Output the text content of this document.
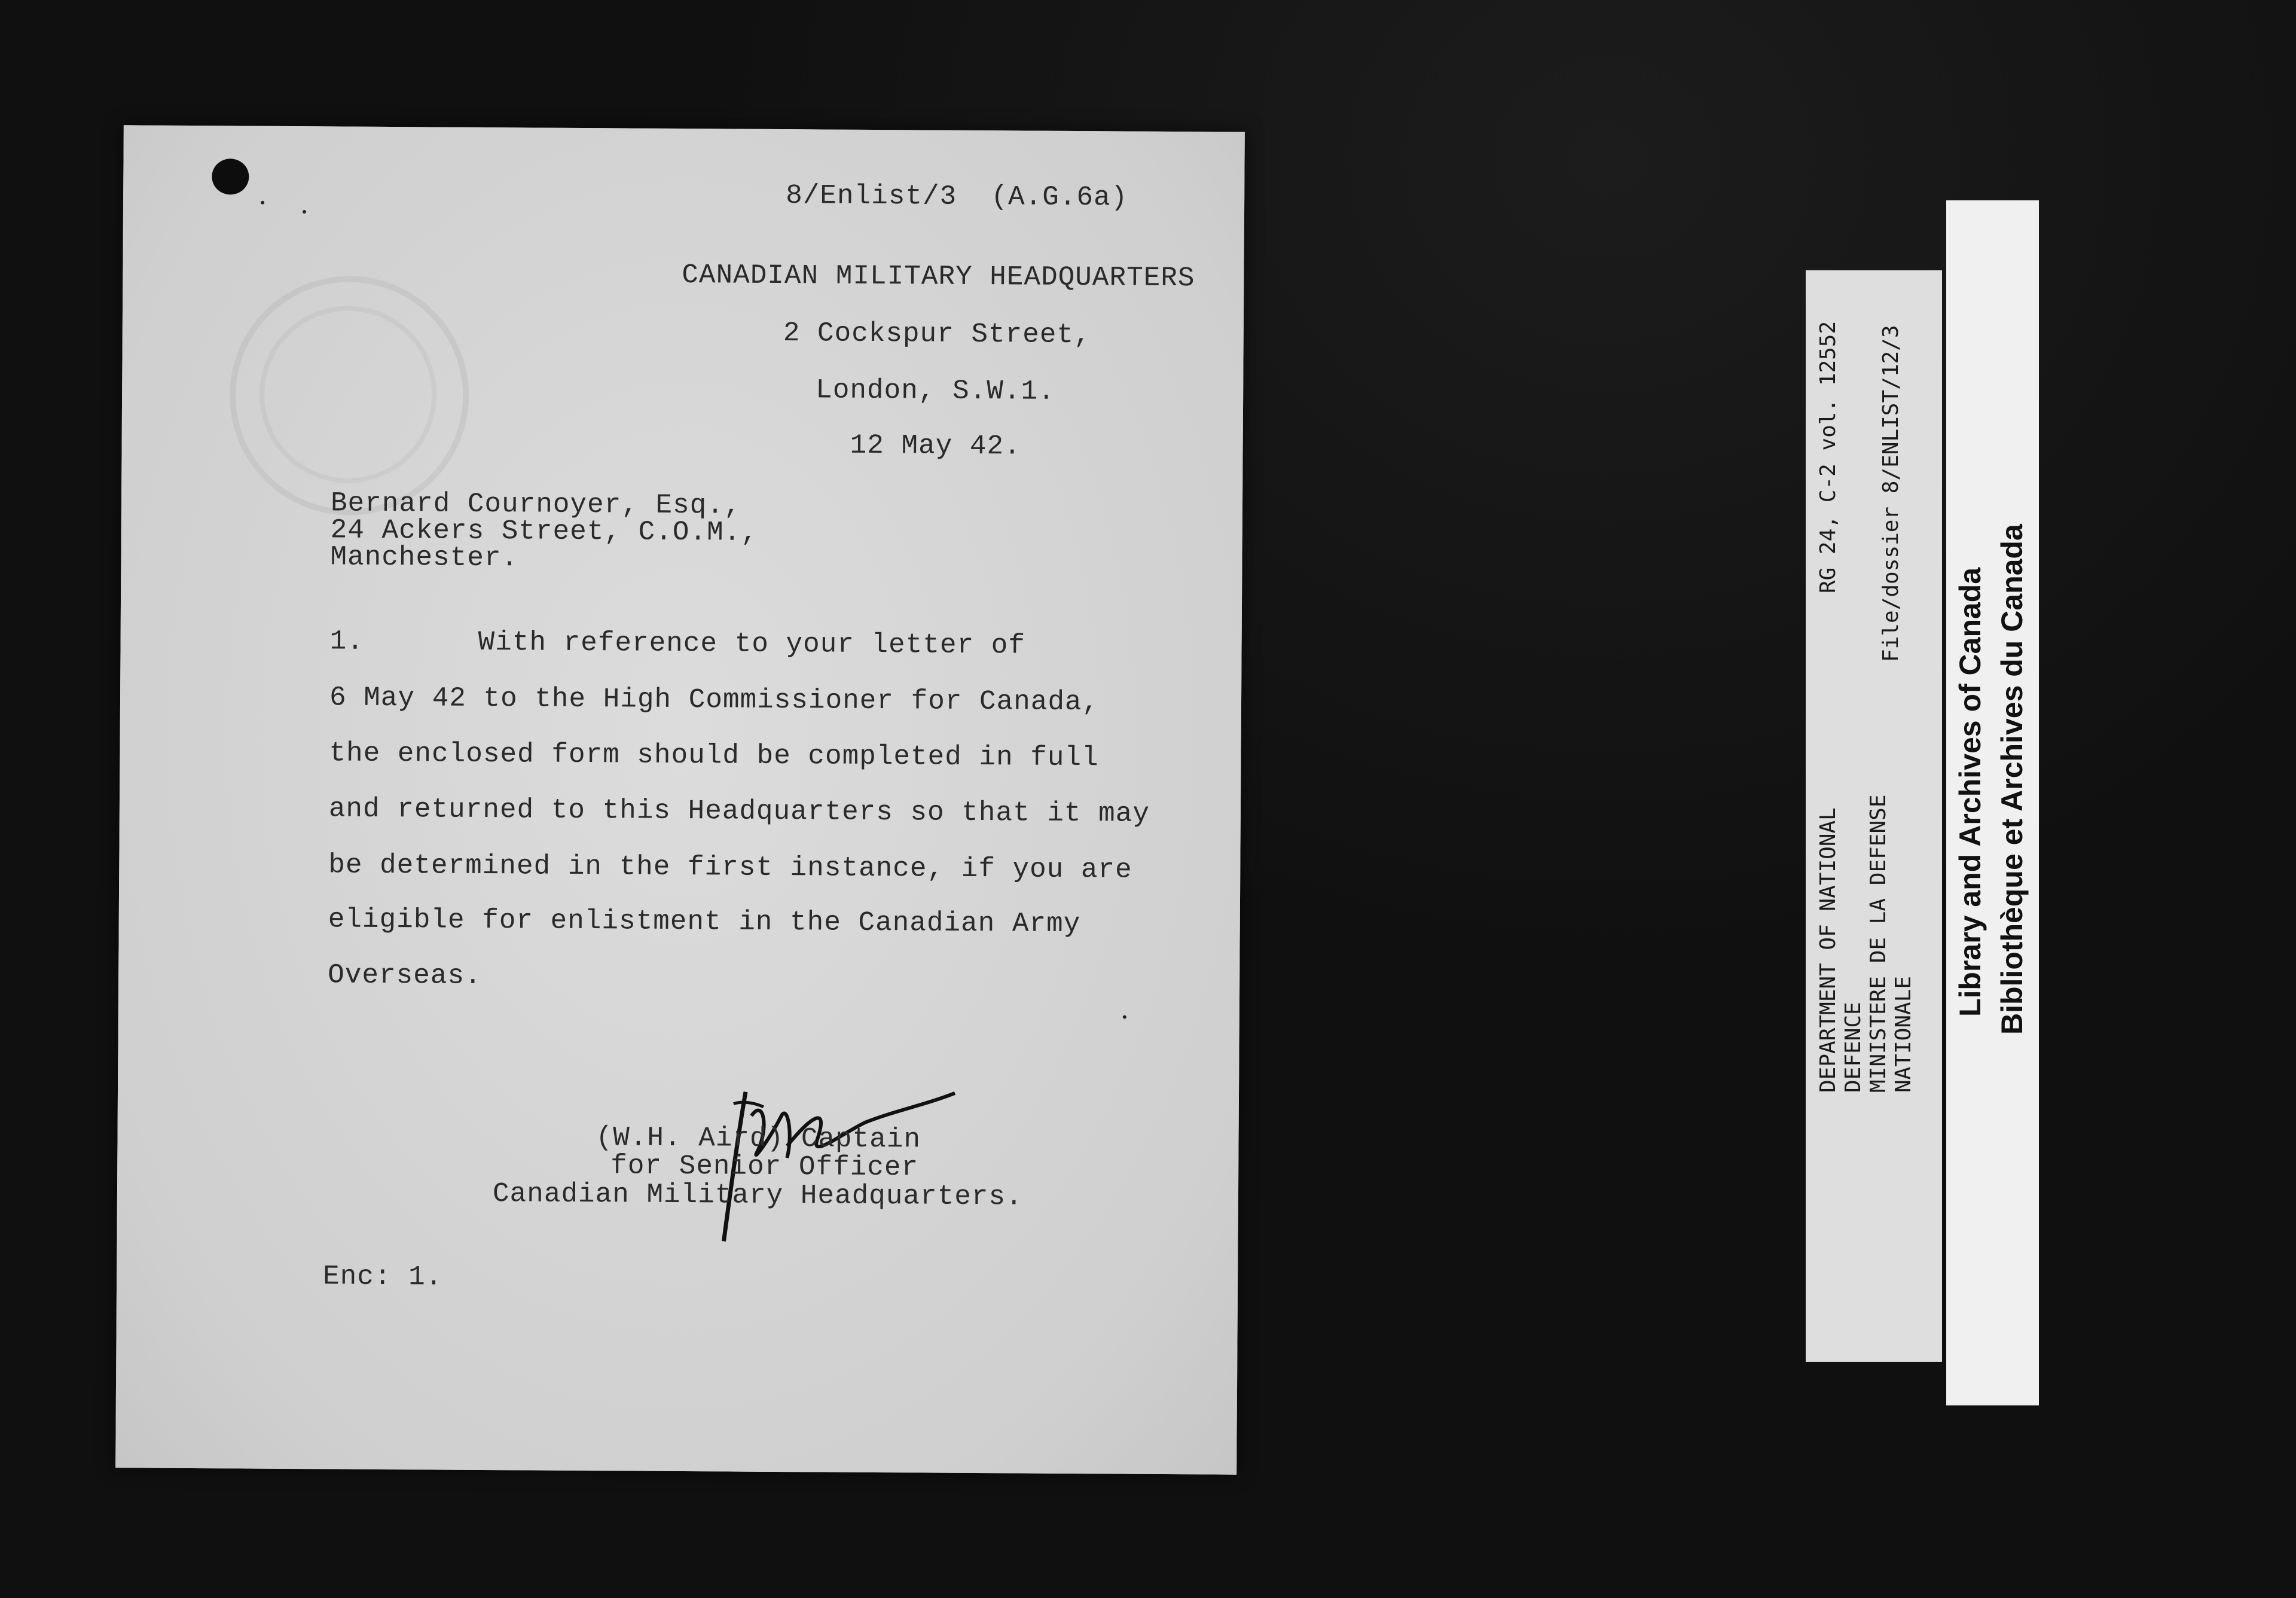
8/Enlist/3  (A.G.6a)
CANADIAN MILITARY HEADQUARTERS
2 Cockspur Street,
London, S.W.1.
12 May 42.
Bernard Cournoyer, Esq.,
24 Ackers Street, C.O.M.,
Manchester.
1.	With reference to your letter of
6 May 42 to the High Commissioner for Canada,
the enclosed form should be completed in full
and returned to this Headquarters so that it may
be determined in the first instance, if you are
eligible for enlistment in the Canadian Army
Overseas.
(W.H. Aird) Captain
for Senior Officer
Canadian Military Headquarters.
Enc: 1.
DEPARTMENT OF NATIONAL DEFENCE MINISTERE DE LA DEFENSE NATIONALE
RG 24, C-2 vol. 12552 File/dossier 8/ENLIST/12/3
Library and Archives of Canada Bibliothèque et Archives du Canada
